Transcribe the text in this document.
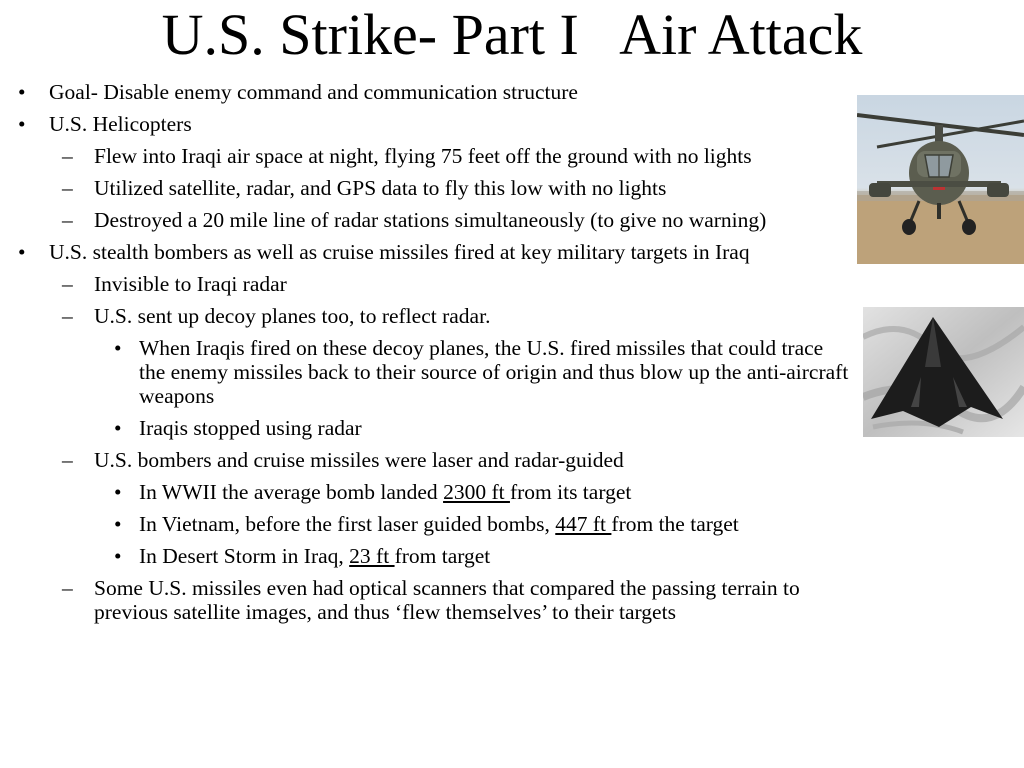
U.S. Strike- Part I   Air Attack
• Goal- Disable enemy command and communication structure
• U.S. Helicopters
– Flew into Iraqi air space at night, flying 75 feet off the ground with no lights
– Utilized satellite, radar, and GPS data to fly this low with no lights
– Destroyed a 20 mile line of radar stations simultaneously (to give no warning)
• U.S. stealth bombers as well as cruise missiles fired at key military targets in Iraq
– Invisible to Iraqi radar
– U.S. sent up decoy planes too, to reflect radar.
• When Iraqis fired on these decoy planes, the U.S. fired missiles that could trace the enemy missiles back to their source of origin and thus blow up the anti-aircraft weapons
• Iraqis stopped using radar
– U.S. bombers and cruise missiles were laser and radar-guided
• In WWII the average bomb landed 2300 ft from its target
• In Vietnam, before the first laser guided bombs, 447 ft from the target
• In Desert Storm in Iraq, 23 ft from target
– Some U.S. missiles even had optical scanners that compared the passing terrain to previous satellite images, and thus ‘flew themselves’ to their targets
